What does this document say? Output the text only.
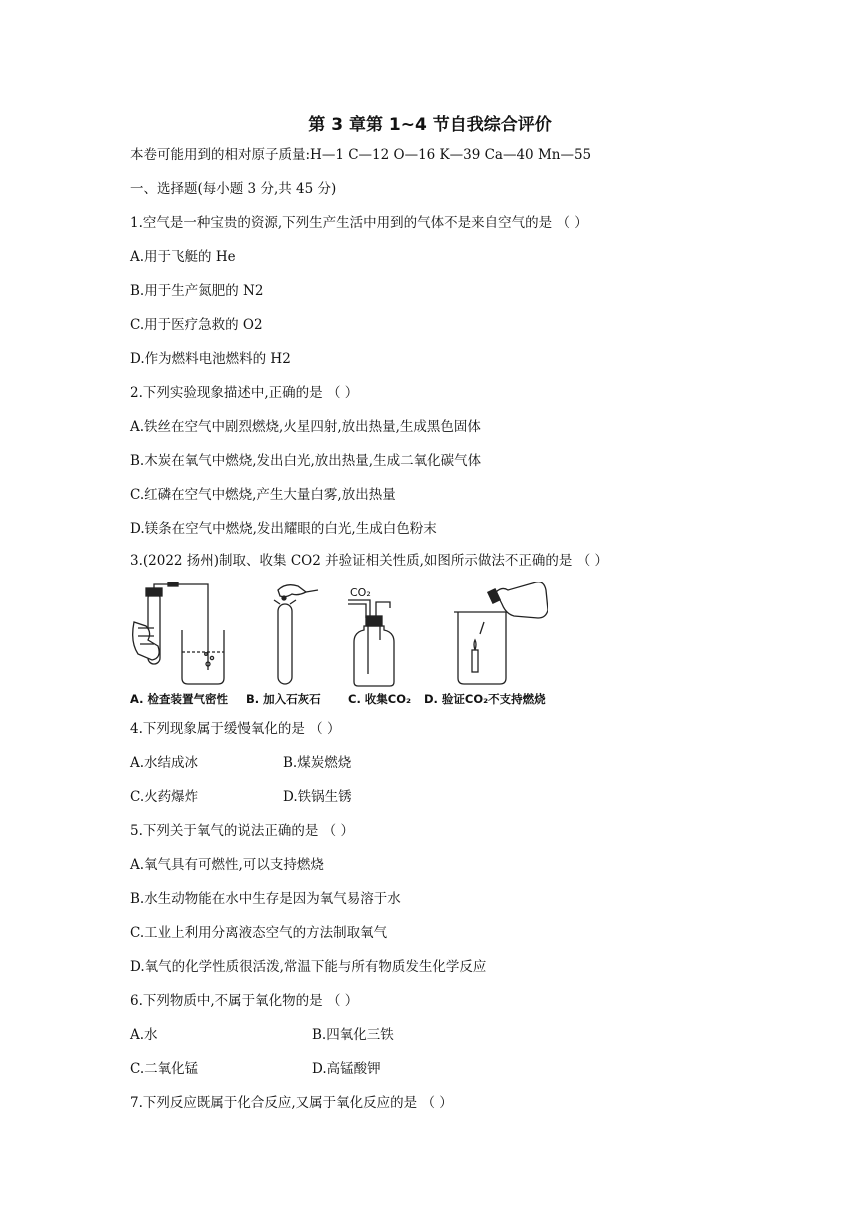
第 3 章第 1~4 节自我综合评价
本卷可能用到的相对原子质量:H—1 C—12 O—16 K—39 Ca—40 Mn—55
一、选择题(每小题 3 分,共 45 分)
1.空气是一种宝贵的资源,下列生产生活中用到的气体不是来自空气的是 （ ）
A.用于飞艇的 He
B.用于生产氮肥的 N2
C.用于医疗急救的 O2
D.作为燃料电池燃料的 H2
2.下列实验现象描述中,正确的是 （ ）
A.铁丝在空气中剧烈燃烧,火星四射,放出热量,生成黑色固体
B.木炭在氧气中燃烧,发出白光,放出热量,生成二氧化碳气体
C.红磷在空气中燃烧,产生大量白雾,放出热量
D.镁条在空气中燃烧,发出耀眼的白光,生成白色粉末
3.(2022 扬州)制取、收集 CO2 并验证相关性质,如图所示做法不正确的是 （ ）
CO₂
A. 检查装置气密性 B. 加入石灰石 C. 收集CO₂ D. 验证CO₂不支持燃烧
4.下列现象属于缓慢氧化的是 （ ）
A.水结成冰	B.煤炭燃烧
C.火药爆炸	D.铁锅生锈
5.下列关于氧气的说法正确的是 （ ）
A.氧气具有可燃性,可以支持燃烧
B.水生动物能在水中生存是因为氧气易溶于水
C.工业上利用分离液态空气的方法制取氧气
D.氧气的化学性质很活泼,常温下能与所有物质发生化学反应
6.下列物质中,不属于氧化物的是 （ ）
A.水	B.四氧化三铁
C.二氧化锰	D.高锰酸钾
7.下列反应既属于化合反应,又属于氧化反应的是 （ ）
